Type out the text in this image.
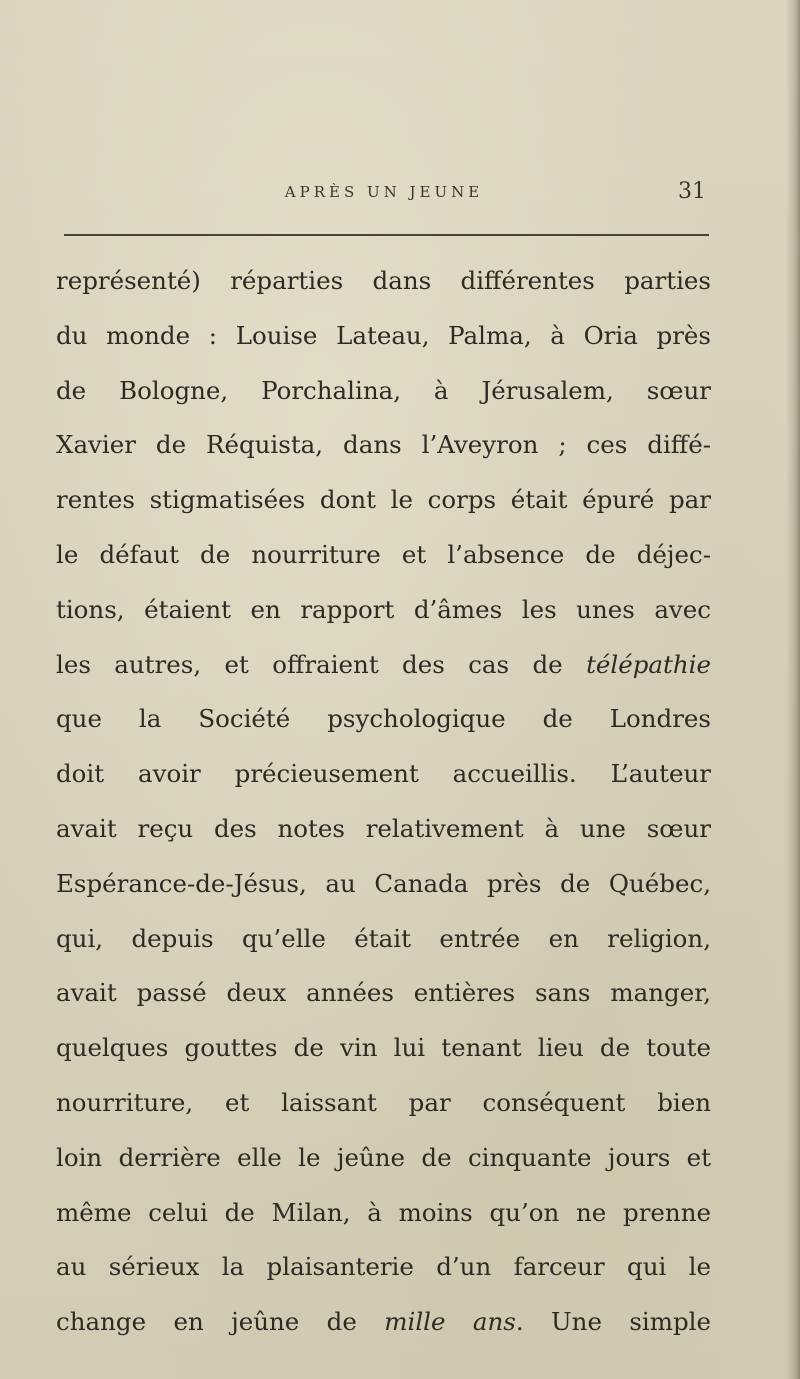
APRÈS UN JEUNE	31
représenté) réparties dans différentes parties
du monde : Louise Lateau, Palma, à Oria près
de Bologne, Porchalina, à Jérusalem, sœur
Xavier de Réquista, dans l’Aveyron ; ces diffé-
rentes stigmatisées dont le corps était épuré par
le défaut de nourriture et l’absence de déjec-
tions, étaient en rapport d’âmes les unes avec
les autres, et offraient des cas de télépathie
que la Société psychologique de Londres
doit avoir précieusement accueillis. L’auteur
avait reçu des notes relativement à une sœur
Espérance-de-Jésus, au Canada près de Québec,
qui, depuis qu’elle était entrée en religion,
avait passé deux années entières sans manger,
quelques gouttes de vin lui tenant lieu de toute
nourriture, et laissant par conséquent bien
loin derrière elle le jeûne de cinquante jours et
même celui de Milan, à moins qu’on ne prenne
au sérieux la plaisanterie d’un farceur qui le
change en jeûne de mille ans. Une simple
